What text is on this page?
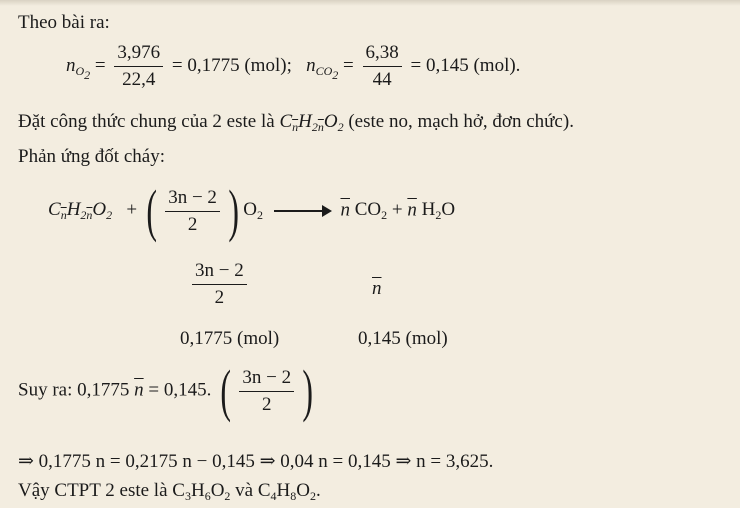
Theo bài ra:
$n_{O_2} = \frac{3,976}{22,4} = 0,1775$ (mol); $n_{CO_2} = \frac{6,38}{44} = 0,145$ (mol).
Đặt công thức chung của 2 este là $C_{\overline{n}}H_{2\overline{n}}O_2$ (este no, mạch hở, đơn chức).
Phản ứng đốt cháy:
$C_{\overline{n}}H_{2\overline{n}}O_2$   + ( $\frac{3n - 2}{2}$ ) $O_2 \to \overline{n}$ $CO_2 + \overline{n}$ $H_2O$
$\frac{3n - 2}{2}$	$\overline{n}$
0,1775 (mol)	0,145 (mol)
Suy ra: 0,1775 $\overline{n} = 0,145$. ( $\frac{3n - 2}{2}$ )
⇒ 0,1775 n = 0,2175 n − 0,145 ⇒ 0,04 n = 0,145 ⇒ n = 3,625.
Vậy CTPT 2 este là $C_3H_6O_2$ và $C_4H_8O_2$.
